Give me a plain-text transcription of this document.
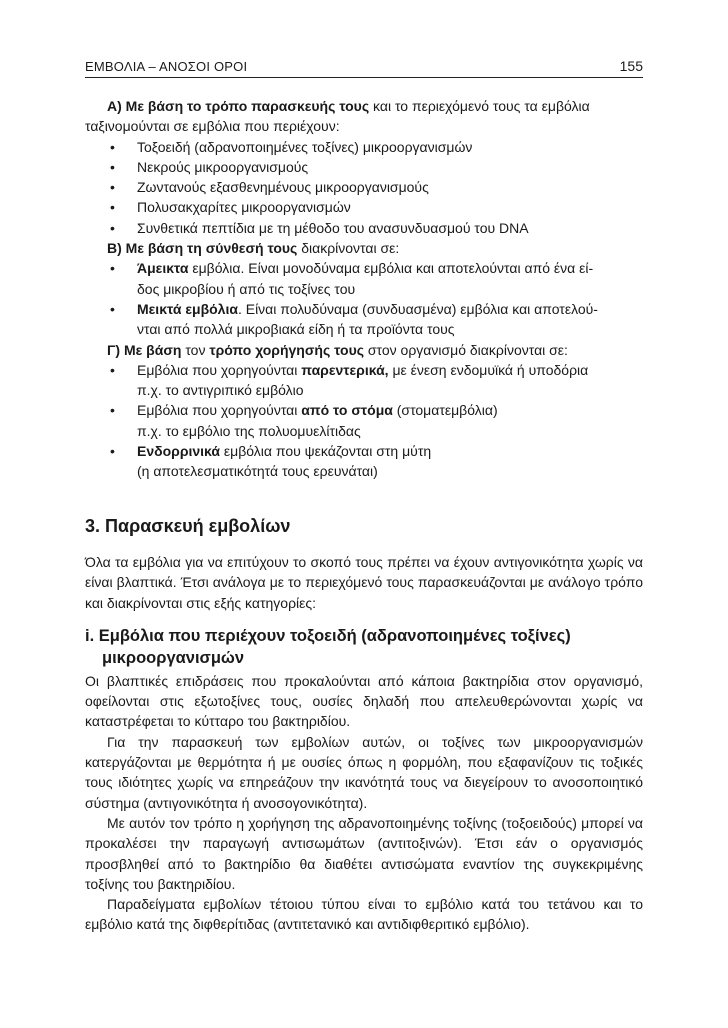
ΕΜΒΟΛΙΑ – ΑΝΟΣΟΙ ΟΡΟΙ	155

Α) Με βάση το τρόπο παρασκευής τους και το περιεχόμενό τους τα εμβόλια

ταξινομούνται σε εμβόλια που περιέχουν:

• Τοξοειδή (αδρανοποιημένες τοξίνες) μικροοργανισμών
• Νεκρούς μικροοργανισμούς
• Ζωντανούς εξασθενημένους μικροοργανισμούς
• Πολυσακχαρίτες μικροοργανισμών
• Συνθετικά πεπτίδια με τη μέθοδο του ανασυνδυασμού του DNA

Β) Με βάση τη σύνθεσή τους διακρίνονται σε:

• Άμεικτα εμβόλια. Είναι μονοδύναμα εμβόλια και αποτελούνται από ένα εί-
δος μικροβίου ή από τις τοξίνες του
• Μεικτά εμβόλια. Είναι πολυδύναμα (συνδυασμένα) εμβόλια και αποτελού-
νται από πολλά μικροβιακά είδη ή τα προϊόντα τους

Γ) Με βάση τον τρόπο χορήγησής τους στον οργανισμό διακρίνονται σε:

• Εμβόλια που χορηγούνται παρεντερικά, με ένεση ενδομυϊκά ή υποδόρια
π.χ. το αντιγριπικό εμβόλιο
• Εμβόλια που χορηγούνται από το στόμα (στοματεμβόλια)
π.χ. το εμβόλιο της πολυομυελίτιδας
• Ενδορρινικά εμβόλια που ψεκάζονται στη μύτη
(η αποτελεσματικότητά τους ερευνάται)
3. Παρασκευή εμβολίων

Όλα τα εμβόλια για να επιτύχουν το σκοπό τους πρέπει να έχουν αντιγονικότητα χωρίς να είναι βλαπτικά. Έτσι ανάλογα με το περιεχόμενό τους παρασκευάζονται με ανάλογο τρόπο και διακρίνονται στις εξής κατηγορίες:

i. Εμβόλια που περιέχουν τοξοειδή (αδρανοποιημένες τοξίνες)
μικροοργανισμών

Οι βλαπτικές επιδράσεις που προκαλούνται από κάποια βακτηρίδια στον οργανισμό, οφείλονται στις εξωτοξίνες τους, ουσίες δηλαδή που απελευθερώνονται χωρίς να καταστρέφεται το κύτταρο του βακτηριδίου.

Για την παρασκευή των εμβολίων αυτών, οι τοξίνες των μικροοργανισμών κατεργάζονται με θερμότητα ή με ουσίες όπως η φορμόλη, που εξαφανίζουν τις τοξικές τους ιδιότητες χωρίς να επηρεάζουν την ικανότητά τους να διεγείρουν το ανοσοποιητικό σύστημα (αντιγονικότητα ή ανοσογονικότητα).

Με αυτόν τον τρόπο η χορήγηση της αδρανοποιημένης τοξίνης (τοξοειδούς) μπορεί να προκαλέσει την παραγωγή αντισωμάτων (αντιτοξινών). Έτσι εάν ο οργανισμός προσβληθεί από το βακτηρίδιο θα διαθέτει αντισώματα εναντίον της συγκεκριμένης τοξίνης του βακτηριδίου.

Παραδείγματα εμβολίων τέτοιου τύπου είναι το εμβόλιο κατά του τετάνου και το εμβόλιο κατά της διφθερίτιδας (αντιτετανικό και αντιδιφθεριτικό εμβόλιο).
